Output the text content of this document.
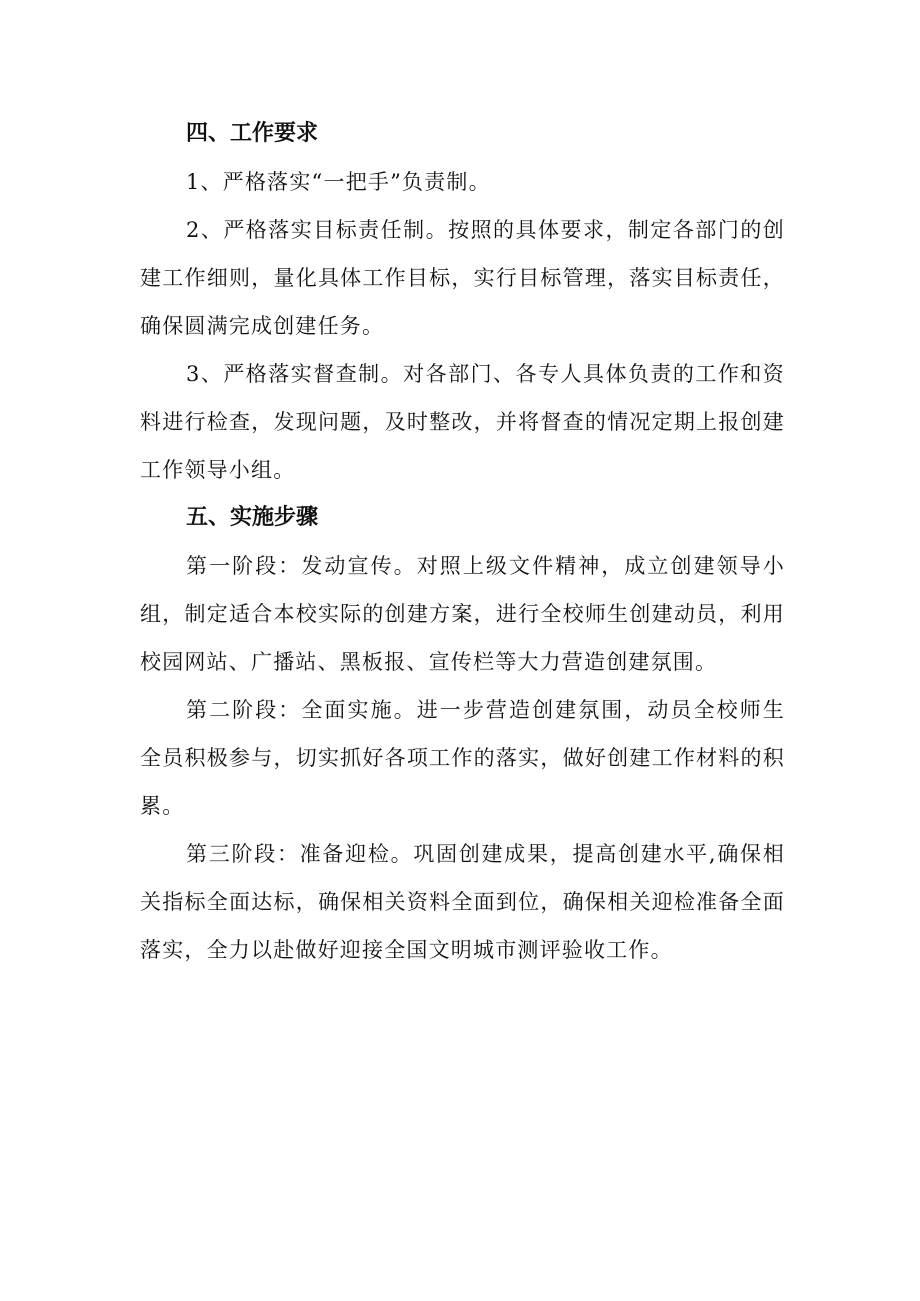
四、工作要求

1、严格落实“一把手”负责制。

2、严格落实目标责任制。按照的具体要求，制定各部门的创建工作细则，量化具体工作目标，实行目标管理，落实目标责任，确保圆满完成创建任务。

3、严格落实督查制。对各部门、各专人具体负责的工作和资料进行检查，发现问题，及时整改，并将督查的情况定期上报创建工作领导小组。

五、实施步骤

第一阶段：发动宣传。对照上级文件精神，成立创建领导小组，制定适合本校实际的创建方案，进行全校师生创建动员，利用校园网站、广播站、黑板报、宣传栏等大力营造创建氛围。

第二阶段：全面实施。进一步营造创建氛围，动员全校师生全员积极参与，切实抓好各项工作的落实，做好创建工作材料的积累。

第三阶段：准备迎检。巩固创建成果，提高创建水平,确保相关指标全面达标，确保相关资料全面到位，确保相关迎检准备全面落实，全力以赴做好迎接全国文明城市测评验收工作。
